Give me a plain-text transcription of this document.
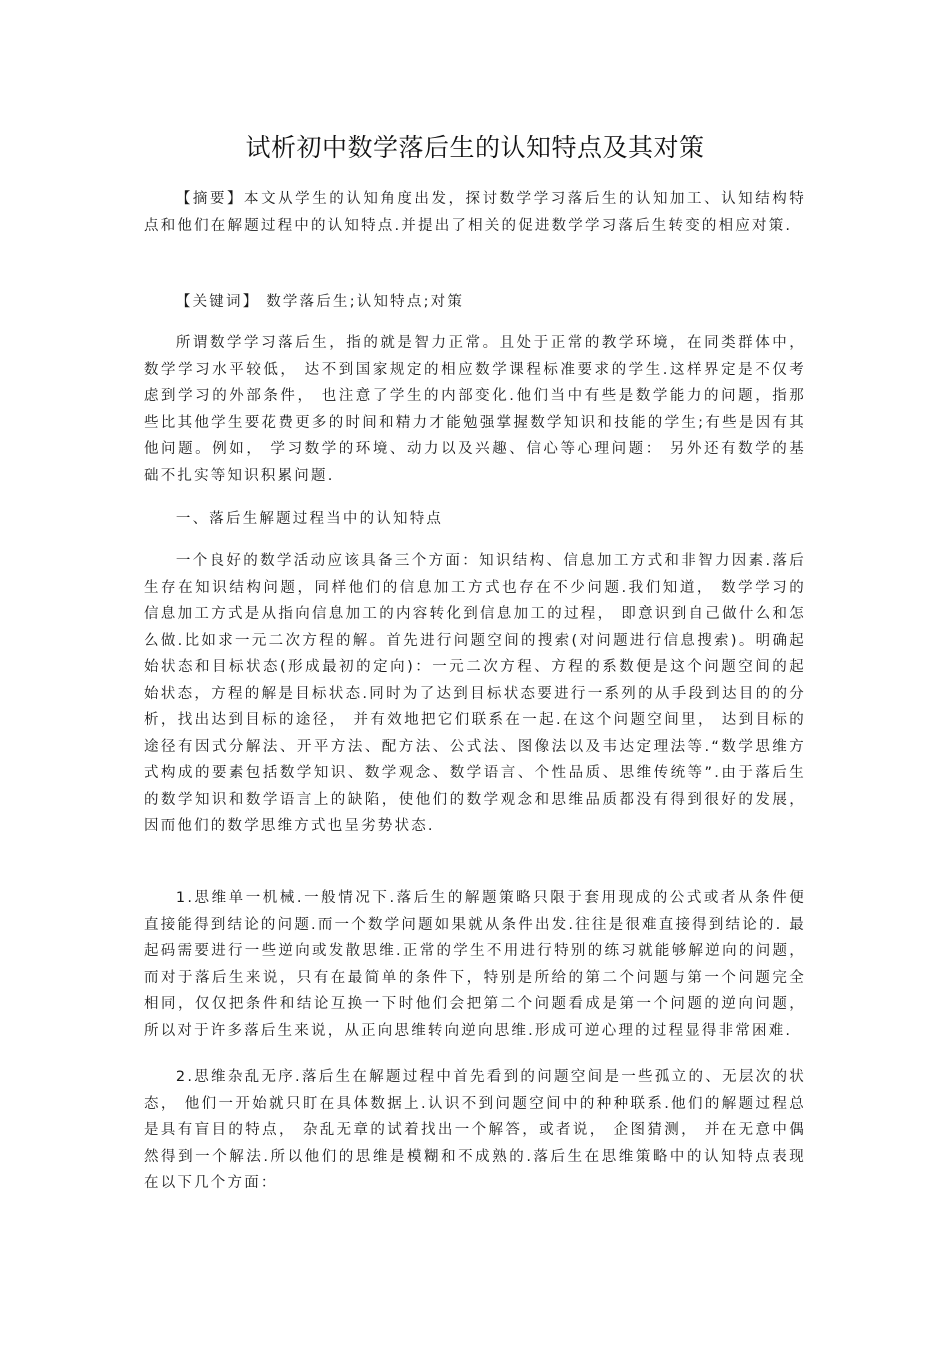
试析初中数学落后生的认知特点及其对策

【摘要】本文从学生的认知角度出发，探讨数学学习落后生的认知加工、认知结构特点和他们在解题过程中的认知特点.并提出了相关的促进数学学习落后生转变的相应对策.

【关键词】 数学落后生;认知特点;对策

所谓数学学习落后生，指的就是智力正常。且处于正常的教学环境，在同类群体中， 数学学习水平较低， 达不到国家规定的相应数学课程标准要求的学生.这样界定是不仅考虑到学习的外部条件， 也注意了学生的内部变化.他们当中有些是数学能力的问题，指那些比其他学生要花费更多的时间和精力才能勉强掌握数学知识和技能的学生;有些是因有其他问题。例如， 学习数学的环境、动力以及兴趣、信心等心理问题： 另外还有数学的基础不扎实等知识积累问题.

一、落后生解题过程当中的认知特点

一个良好的数学活动应该具备三个方面：知识结构、信息加工方式和非智力因素.落后生存在知识结构问题，同样他们的信息加工方式也存在不少问题.我们知道， 数学学习的信息加工方式是从指向信息加工的内容转化到信息加工的过程， 即意识到自己做什么和怎么做.比如求一元二次方程的解。首先进行问题空间的搜索(对问题进行信息搜索)。明确起始状态和目标状态(形成最初的定向)：一元二次方程、方程的系数便是这个问题空间的起始状态，方程的解是目标状态.同时为了达到目标状态要进行一系列的从手段到达目的的分析，找出达到目标的途径， 并有效地把它们联系在一起.在这个问题空间里， 达到目标的途径有因式分解法、开平方法、配方法、公式法、图像法以及韦达定理法等.“数学思维方式构成的要素包括数学知识、数学观念、数学语言、个性品质、思维传统等”.由于落后生的数学知识和数学语言上的缺陷，使他们的数学观念和思维品质都没有得到很好的发展， 因而他们的数学思维方式也呈劣势状态.

1.思维单一机械.一般情况下.落后生的解题策略只限于套用现成的公式或者从条件便直接能得到结论的问题.而一个数学问题如果就从条件出发.往往是很难直接得到结论的. 最起码需要进行一些逆向或发散思维.正常的学生不用进行特别的练习就能够解逆向的问题，而对于落后生来说，只有在最简单的条件下，特别是所给的第二个问题与第一个问题完全相同，仅仅把条件和结论互换一下时他们会把第二个问题看成是第一个问题的逆向问题， 所以对于许多落后生来说，从正向思维转向逆向思维.形成可逆心理的过程显得非常困难.

2.思维杂乱无序.落后生在解题过程中首先看到的问题空间是一些孤立的、无层次的状态， 他们一开始就只盯在具体数据上.认识不到问题空间中的种种联系.他们的解题过程总是具有盲目的特点， 杂乱无章的试着找出一个解答，或者说， 企图猜测， 并在无意中偶然得到一个解法.所以他们的思维是模糊和不成熟的.落后生在思维策略中的认知特点表现在以下几个方面：
